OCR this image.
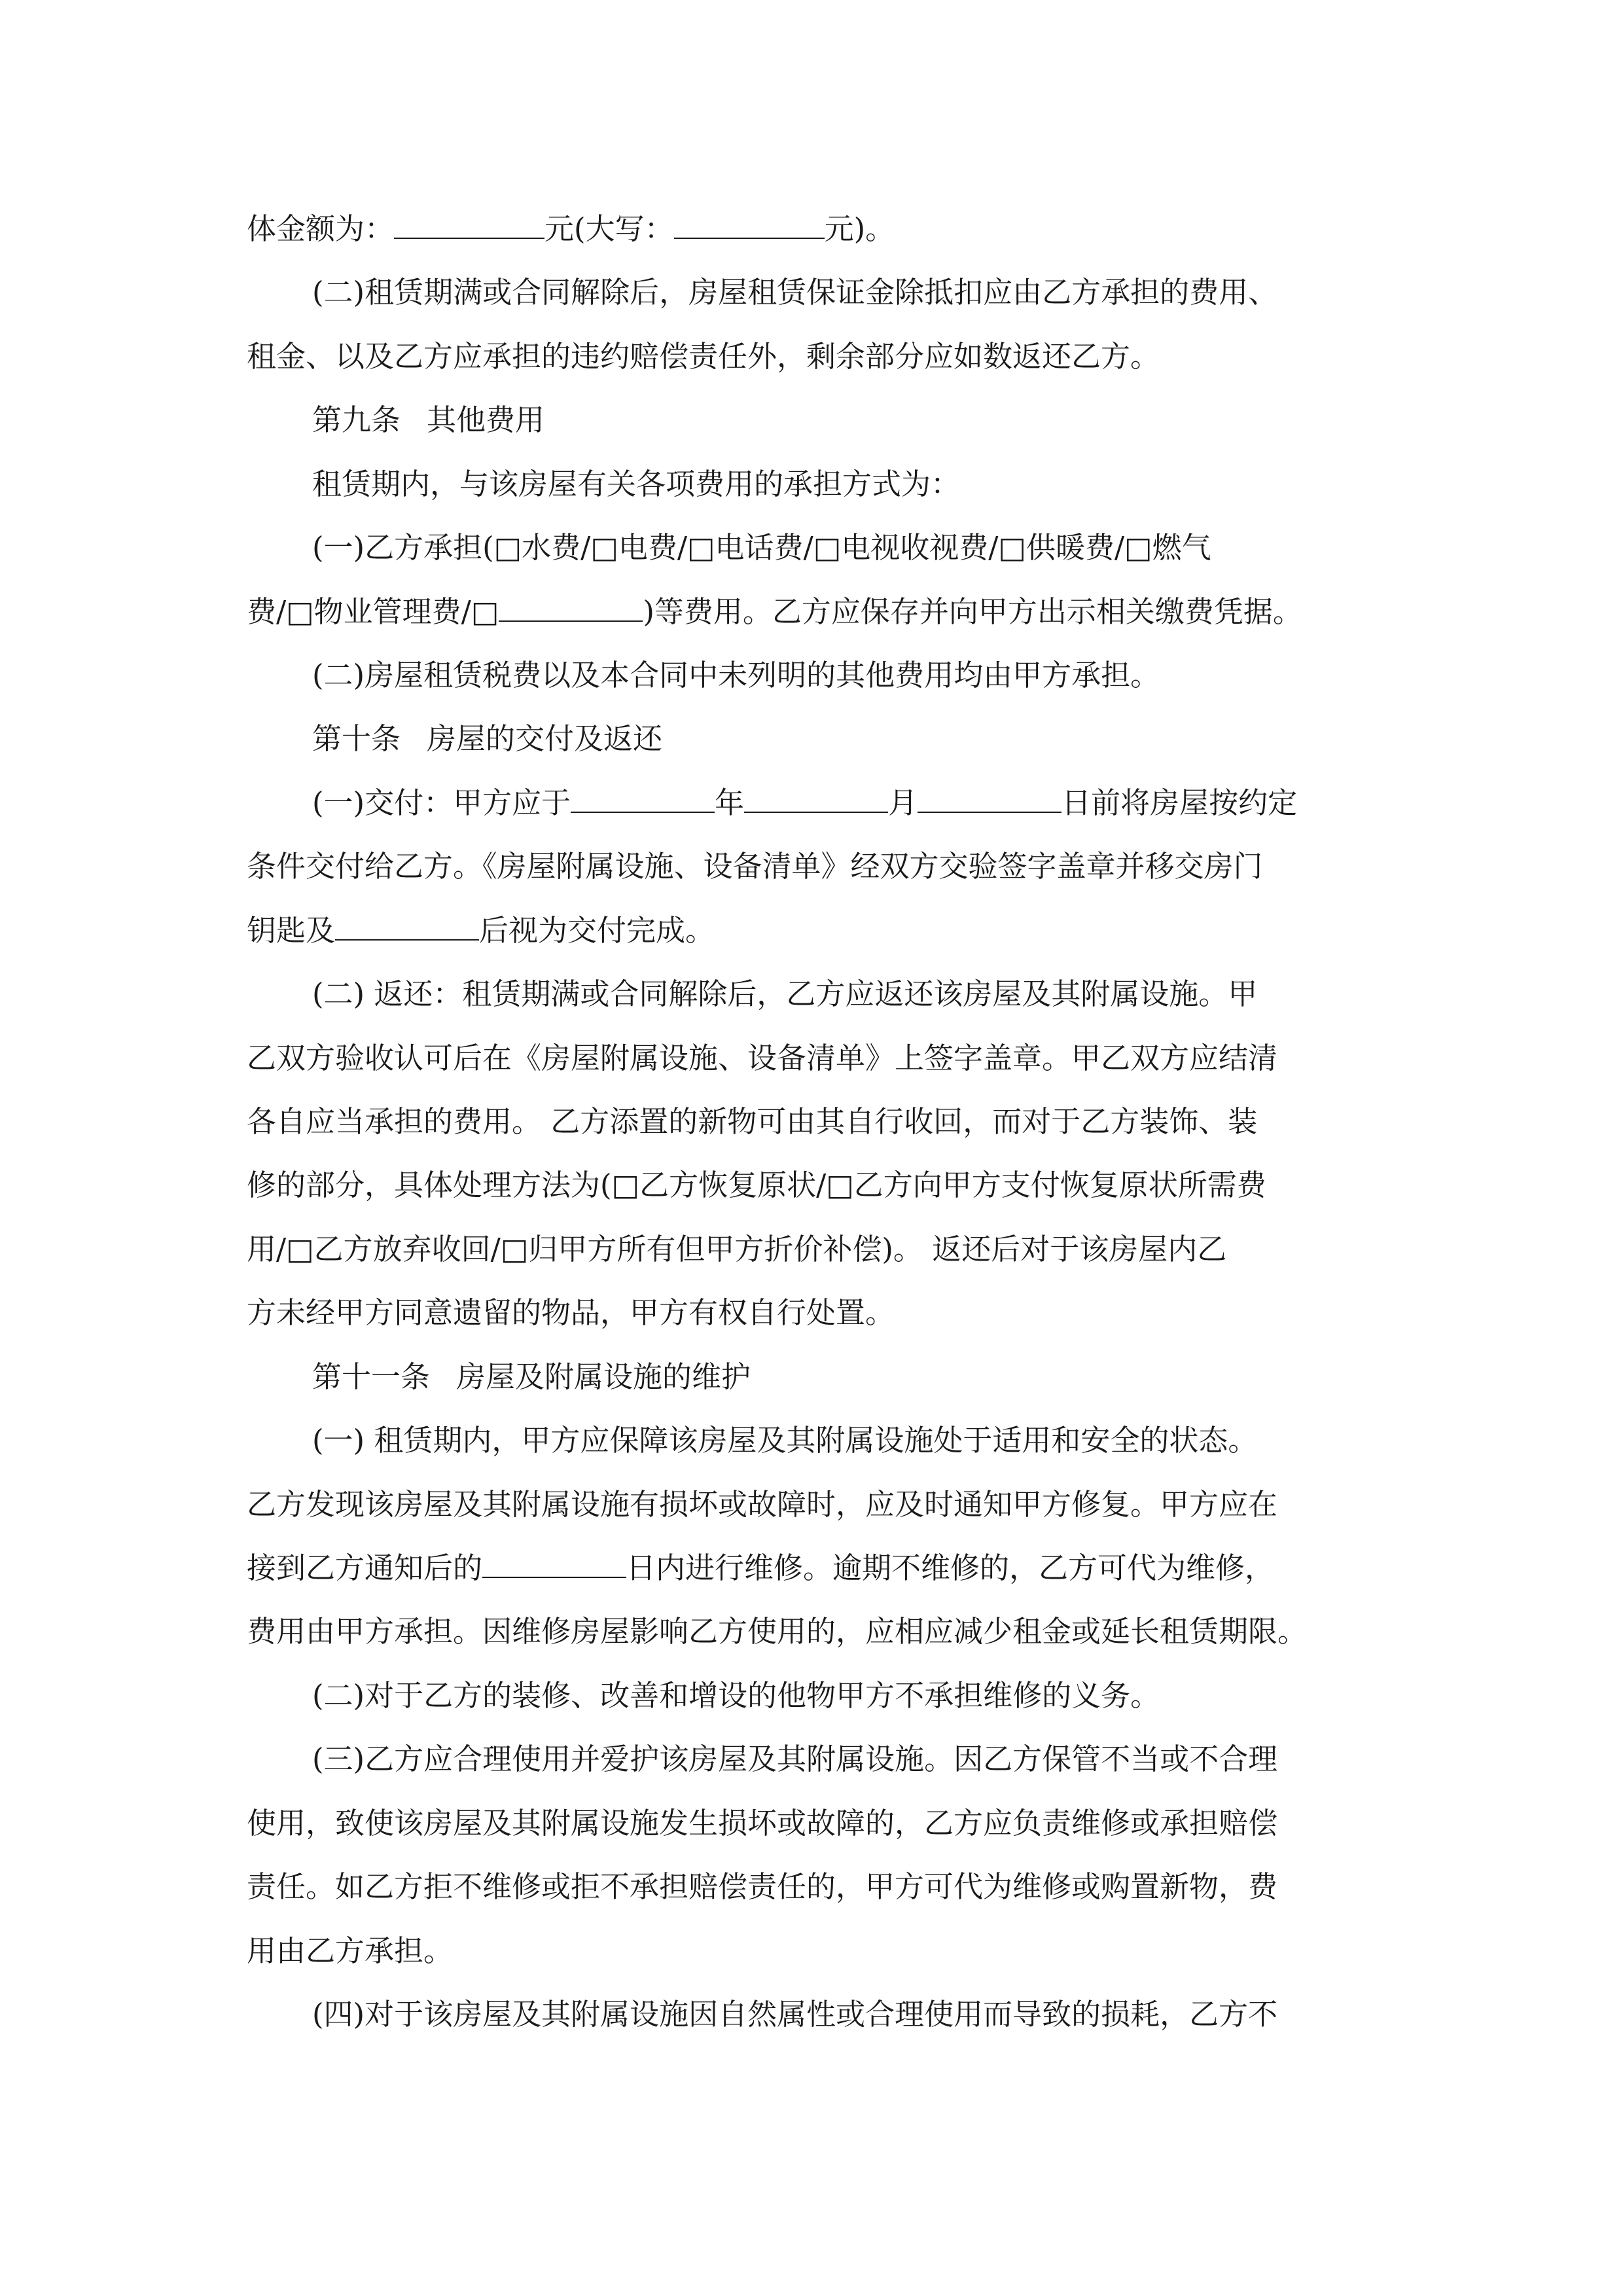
体金额为：	元(大写：	元)。
(二)租赁期满或合同解除后，房屋租赁保证金除抵扣应由乙方承担的费用、
租金、以及乙方应承担的违约赔偿责任外，剩余部分应如数返还乙方。
第九条 其他费用
租赁期内，与该房屋有关各项费用的承担方式为：
(一)乙方承担(□水费/□电费/□电话费/□电视收视费/□供暖费/□燃气
费/□物业管理费/□	)等费用。乙方应保存并向甲方出示相关缴费凭据。
(二)房屋租赁税费以及本合同中未列明的其他费用均由甲方承担。
第十条 房屋的交付及返还
(一)交付：甲方应于	年	月	日前将房屋按约定
条件交付给乙方。《房屋附属设施、设备清单》经双方交验签字盖章并移交房门
钥匙及	后视为交付完成。
(二) 返还：租赁期满或合同解除后，乙方应返还该房屋及其附属设施。甲
乙双方验收认可后在《房屋附属设施、设备清单》上签字盖章。甲乙双方应结清
各自应当承担的费用。 乙方添置的新物可由其自行收回，而对于乙方装饰、装
修的部分，具体处理方法为(□乙方恢复原状/□乙方向甲方支付恢复原状所需费
用/□乙方放弃收回/□归甲方所有但甲方折价补偿)。 返还后对于该房屋内乙
方未经甲方同意遗留的物品，甲方有权自行处置。
第十一条 房屋及附属设施的维护
(一) 租赁期内，甲方应保障该房屋及其附属设施处于适用和安全的状态。
乙方发现该房屋及其附属设施有损坏或故障时，应及时通知甲方修复。甲方应在
接到乙方通知后的	日内进行维修。逾期不维修的，乙方可代为维修，
费用由甲方承担。因维修房屋影响乙方使用的，应相应减少租金或延长租赁期限。
(二)对于乙方的装修、改善和增设的他物甲方不承担维修的义务。
(三)乙方应合理使用并爱护该房屋及其附属设施。因乙方保管不当或不合理
使用，致使该房屋及其附属设施发生损坏或故障的，乙方应负责维修或承担赔偿
责任。如乙方拒不维修或拒不承担赔偿责任的，甲方可代为维修或购置新物，费
用由乙方承担。
(四)对于该房屋及其附属设施因自然属性或合理使用而导致的损耗，乙方不
